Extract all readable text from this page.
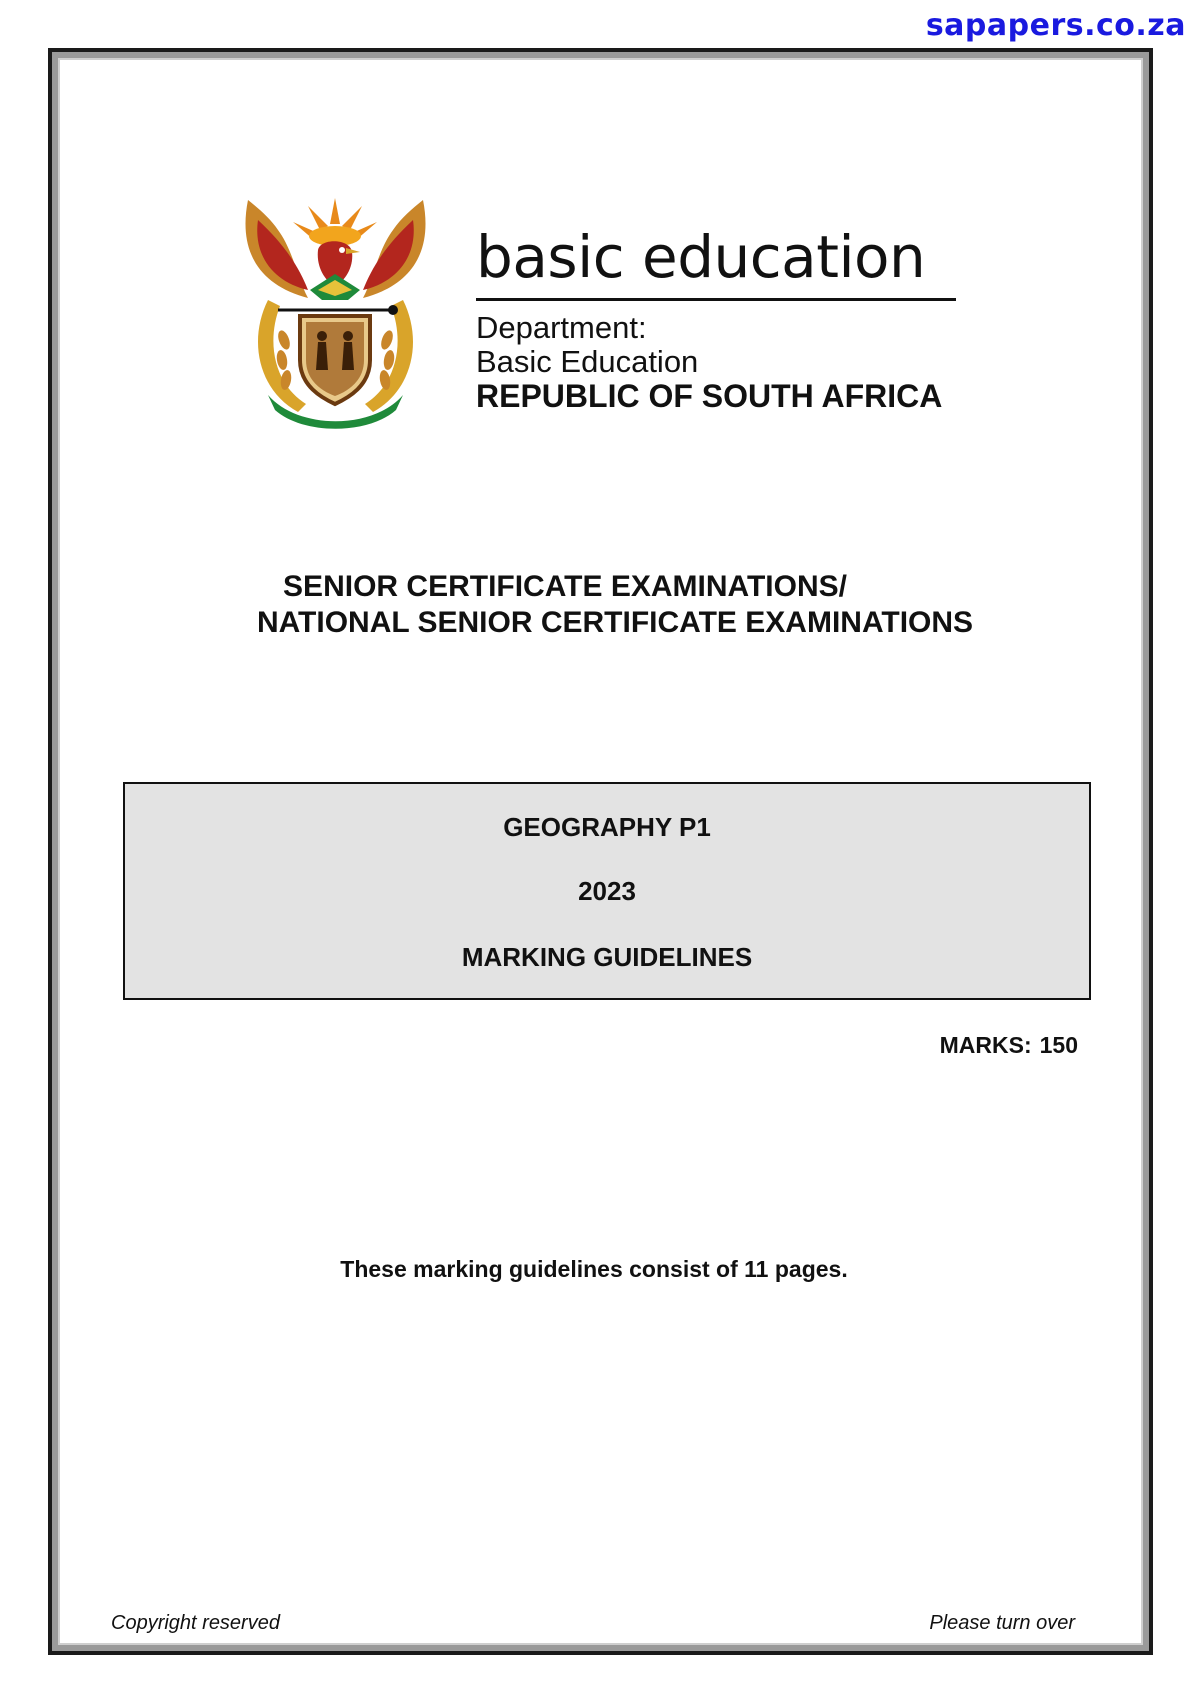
sapapers.co.za
basic education
Department:
Basic Education
REPUBLIC OF SOUTH AFRICA
SENIOR CERTIFICATE EXAMINATIONS/
NATIONAL SENIOR CERTIFICATE EXAMINATIONS
GEOGRAPHY P1
2023
MARKING GUIDELINES
MARKS: 150
These marking guidelines consist of 11 pages.
Copyright reserved	Please turn over
